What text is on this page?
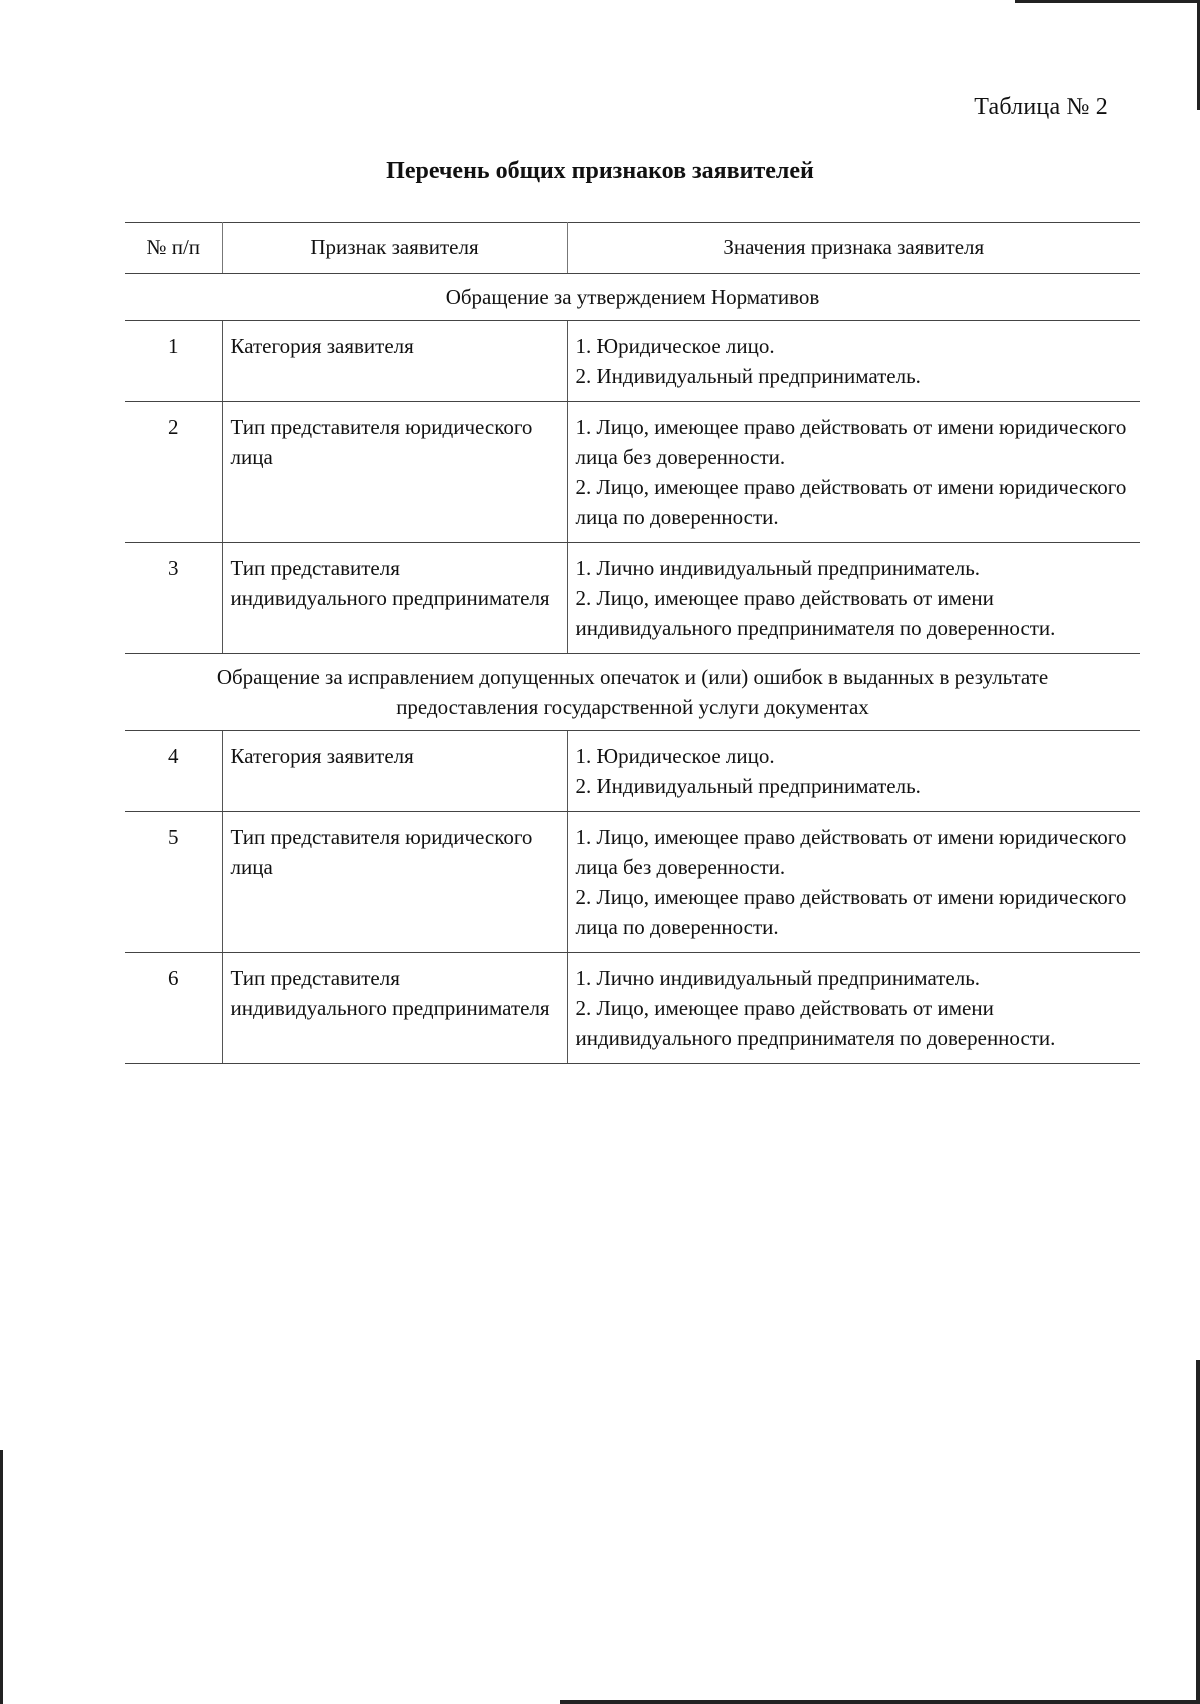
Таблица № 2
Перечень общих признаков заявителей
№ п/п	Признак заявителя	Значения признака заявителя
Обращение за утверждением Нормативов		
1	Категория заявителя	1. Юридическое лицо.
2. Индивидуальный предприниматель.

2	Тип представителя юридического лица	1. Лицо, имеющее право действовать от имени юридического лица без доверенности.
2. Лицо, имеющее право действовать от имени юридического лица по доверенности.

3	Тип представителя индивидуального предпринимателя	1. Лично индивидуальный предприниматель.
2. Лицо, имеющее право действовать от имени индивидуального предпринимателя по доверенности.

Обращение за исправлением допущенных опечаток и (или) ошибок в выданных в результате предоставления государственной услуги документах		
4	Категория заявителя	1. Юридическое лицо.
2. Индивидуальный предприниматель.

5	Тип представителя юридического лица	1. Лицо, имеющее право действовать от имени юридического лица без доверенности.
2. Лицо, имеющее право действовать от имени юридического лица по доверенности.

6	Тип представителя индивидуального предпринимателя	1. Лично индивидуальный предприниматель.
2. Лицо, имеющее право действовать от имени индивидуального предпринимателя по доверенности.
